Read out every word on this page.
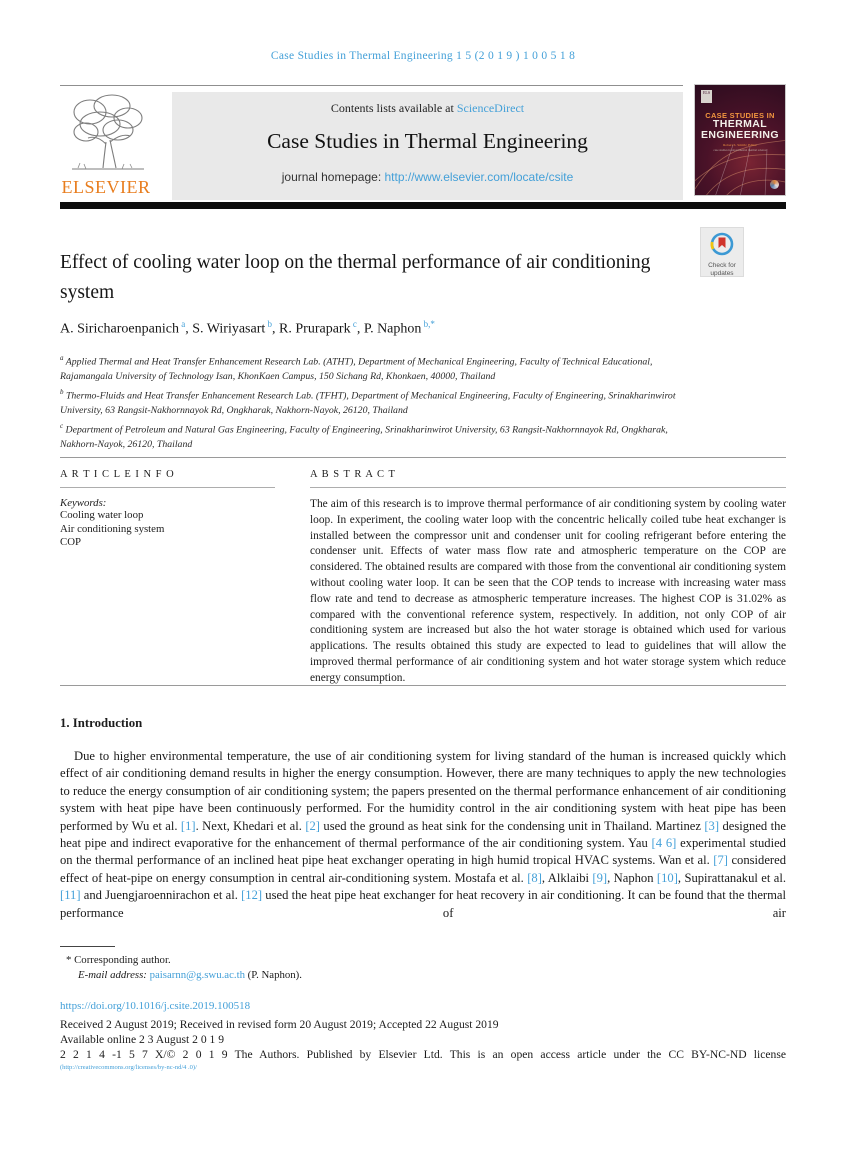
Case Studies in Thermal Engineering 1 5 (2 0 1 9 ) 1 0 0 5 1 8
ELSEVIER
Contents lists available at ScienceDirect
Case Studies in Thermal Engineering
journal homepage: http://www.elsevier.com/locate/csite
ELS
CASE STUDIES IN
THERMAL
ENGINEERING
Robert S. Smith | Editor
case studies in experimental thermal science
Check for
updates
Effect of cooling water loop on the thermal performance of air conditioning system
A. Siricharoenpanich $^a$, S. Wiriyasart $^b$, R. Prurapark $^c$, P. Naphon $^{b,*}$
$^a$ Applied Thermal and Heat Transfer Enhancement Research Lab. (ATHT), Department of Mechanical Engineering, Faculty of Technical Educational, Rajamangala University of Technology Isan, KhonKaen Campus, 150 Sichang Rd, Khonkaen, 40000, Thailand
$^b$ Thermo-Fluids and Heat Transfer Enhancement Research Lab. (TFHT), Department of Mechanical Engineering, Faculty of Engineering, Srinakharinwirot University, 63 Rangsit-Nakhornnayok Rd, Ongkharak, Nakhorn-Nayok, 26120, Thailand
$^c$ Department of Petroleum and Natural Gas Engineering, Faculty of Engineering, Srinakharinwirot University, 63 Rangsit-Nakhornnayok Rd, Ongkharak, Nakhorn-Nayok, 26120, Thailand
A R T I C L E I N F O
Keywords:
Cooling water loop
Air conditioning system
COP
A B S T R A C T
The aim of this research is to improve thermal performance of air conditioning system by cooling water loop. In experiment, the cooling water loop with the concentric helically coiled tube heat exchanger is installed between the compressor unit and condenser unit for cooling refrigerant before entering the condenser unit. Effects of water mass flow rate and atmospheric temperature on the COP are considered. The obtained results are compared with those from the conventional air conditioning system without cooling water loop. It can be seen that the COP tends to increase with increasing water mass flow rate and tend to decrease as atmospheric temperature increases. The highest COP is 31.02% as compared with the conventional reference system, respectively. In addition, not only COP of air conditioning system are increased but also the hot water storage is obtained which used for various applications. The results obtained this study are expected to lead to guidelines that will allow the improved thermal performance of air conditioning system and hot water storage system which reduce energy consumption.
1. Introduction
Due to higher environmental temperature, the use of air conditioning system for living standard of the human is increased quickly which effect of air conditioning demand results in higher the energy consumption. However, there are many techniques to apply the new technologies to reduce the energy consumption of air conditioning system; the papers presented on the thermal performance enhancement of air conditioning system with heat pipe have been continuously performed. For the humidity control in the air conditioning system with heat pipe has been performed by Wu et al. [1]. Next, Khedari et al. [2] used the ground as heat sink for the condensing unit in Thailand. Martinez [3] designed the heat pipe and indirect evaporative for the enhancement of thermal performance of the air conditioning system. Yau [4 6] experimental studied on the thermal performance of an inclined heat pipe heat exchanger operating in high humid tropical HVAC systems. Wan et al. [7] considered effect of heat-pipe on energy consumption in central air-conditioning system. Mostafa et al. [8], Alklaibi [9], Naphon [10], Supirattanakul et al. [11] and Juengjaroennirachon et al. [12] used the heat pipe heat exchanger for heat recovery in air conditioning. It can be found that the thermal performance of air
* Corresponding author.
E-mail address: paisarnn@g.swu.ac.th (P. Naphon).
https://doi.org/10.1016/j.csite.2019.100518
Received 2 August 2019; Received in revised form 20 August 2019; Accepted 22 August 2019
Available online 2 3 August 2 0 1 9
2 2 1 4 -1 5 7 X/© 2 0 1 9 The Authors. Published by Elsevier Ltd. This is an open access article under the CC BY-NC-ND license
(http://creativecommons.org/licenses/by-nc-nd/4 .0)/
